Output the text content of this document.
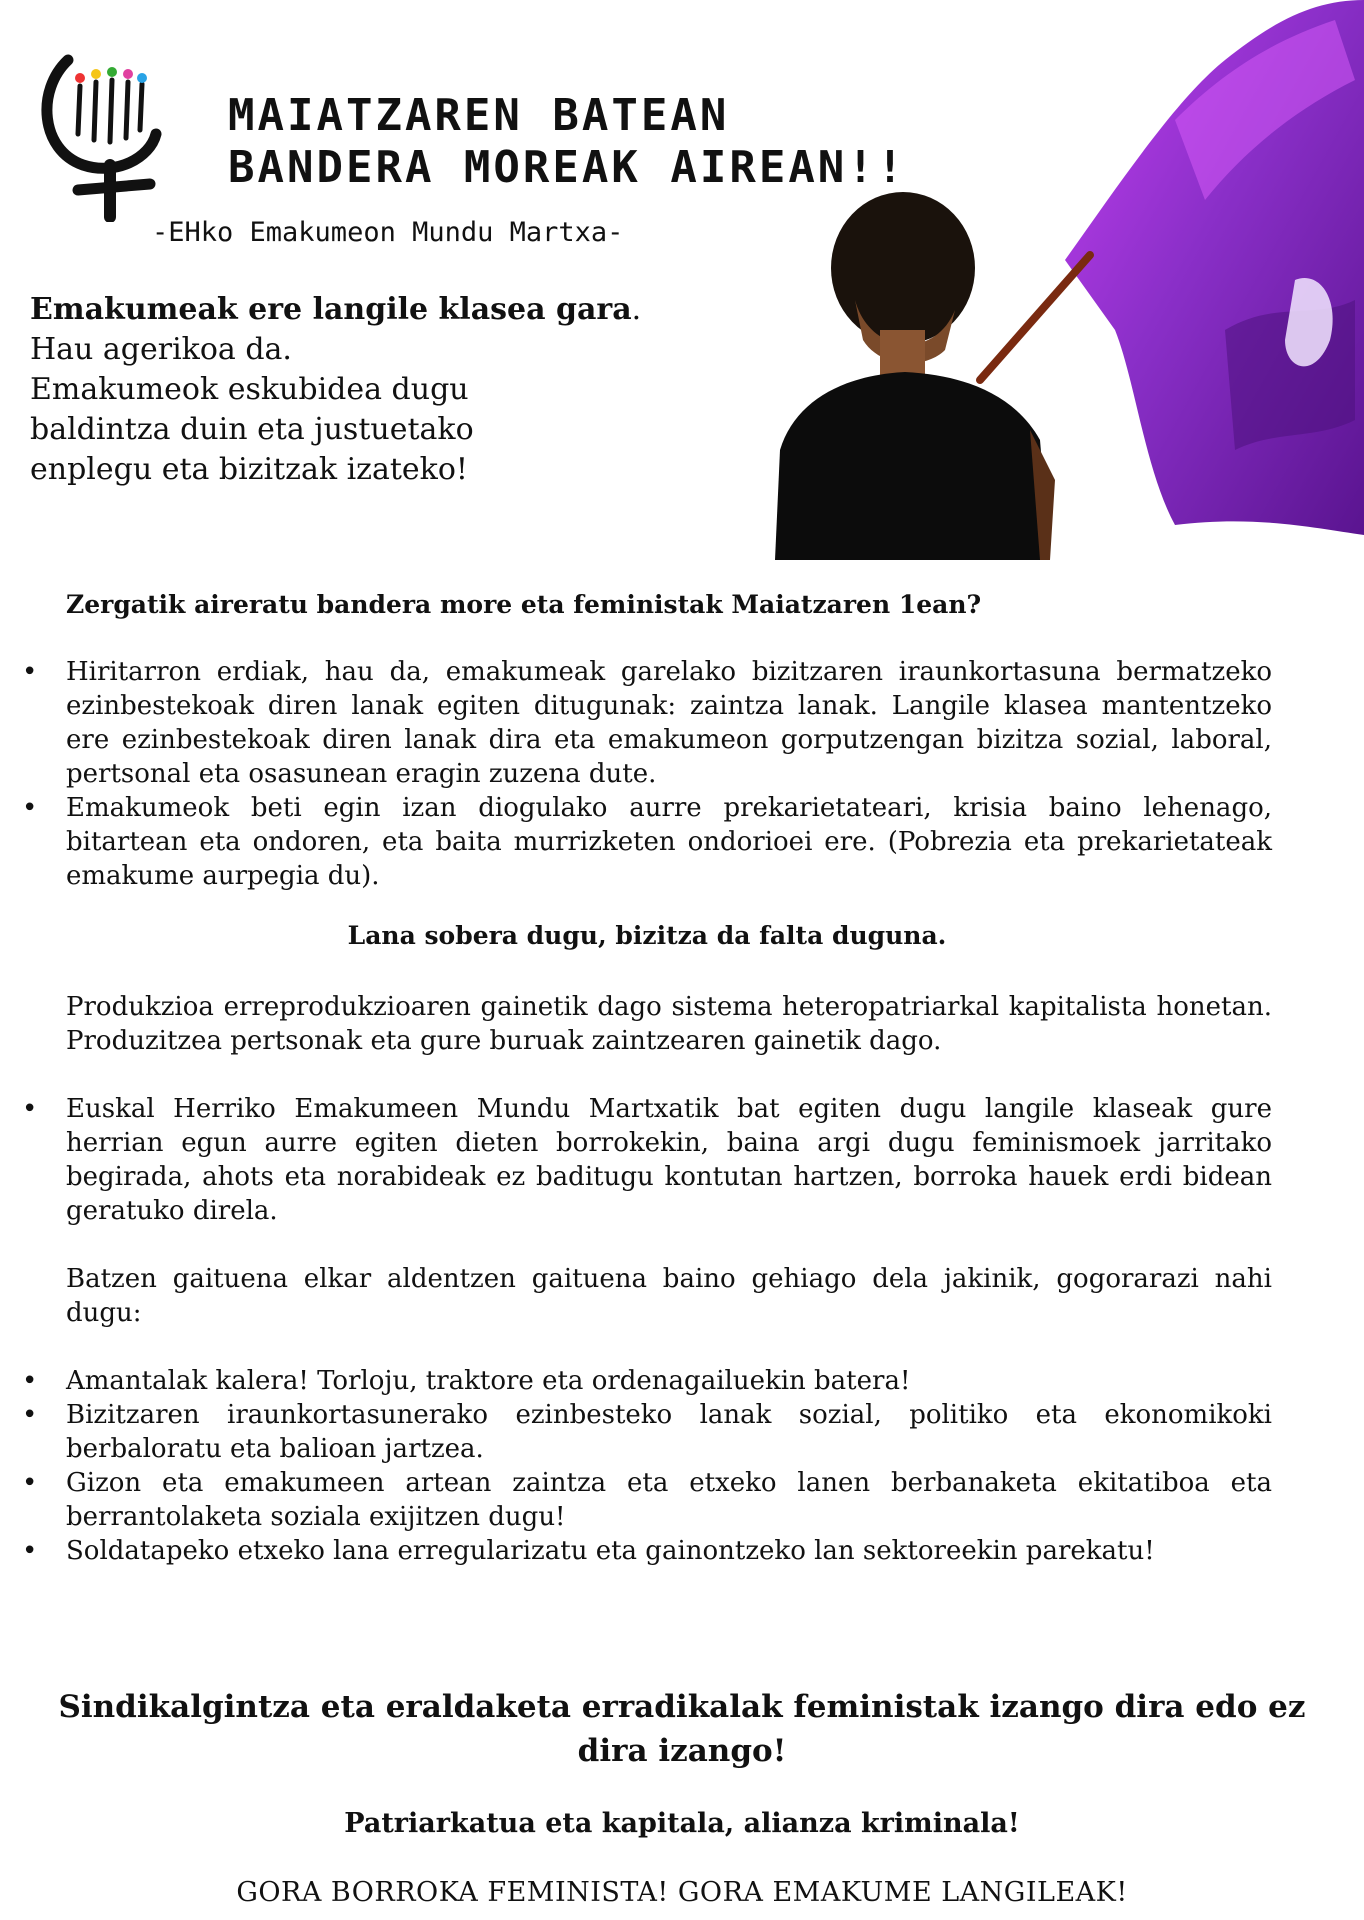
MAIATZAREN BATEAN
BANDERA MOREAK AIREAN!!
-EHko Emakumeon Mundu Martxa-
Emakumeak ere langile klasea gara.
Hau agerikoa da.
Emakumeok eskubidea dugu
baldintza duin eta justuetako
enplegu eta bizitzak izateko!
Zergatik aireratu bandera more eta feministak Maiatzaren 1ean?
• Hiritarron erdiak, hau da, emakumeak garelako bizitzaren iraunkortasuna bermatzeko ezinbestekoak diren lanak egiten ditugunak: zaintza lanak. Langile klasea mantentzeko ere ezinbestekoak diren lanak dira eta emakumeon gorputzengan bizitza sozial, laboral, pertsonal eta osasunean eragin zuzena dute.
• Emakumeok beti egin izan diogulako aurre prekarietateari, krisia baino lehenago, bitartean eta ondoren, eta baita murrizketen ondorioei ere. (Pobrezia eta prekarietateak emakume aurpegia du).
Lana sobera dugu, bizitza da falta duguna.

Produkzioa erreprodukzioaren gainetik dago sistema heteropatriarkal kapitalista honetan. Produzitzea pertsonak eta gure buruak zaintzearen gainetik dago.

• Euskal Herriko Emakumeen Mundu Martxatik bat egiten dugu langile klaseak gure herrian egun aurre egiten dieten borrokekin, baina argi dugu feminismoek jarritako begirada, ahots eta norabideak ez baditugu kontutan hartzen, borroka hauek erdi bidean geratuko direla.

Batzen gaituena elkar aldentzen gaituena baino gehiago dela jakinik, gogorarazi nahi dugu:

• Amantalak kalera! Torloju, traktore eta ordenagailuekin batera!
• Bizitzaren iraunkortasunerako ezinbesteko lanak sozial, politiko eta ekonomikoki berbaloratu eta balioan jartzea.
• Gizon eta emakumeen artean zaintza eta etxeko lanen berbanaketa ekitatiboa eta berrantolaketa soziala exijitzen dugu!
• Soldatapeko etxeko lana erregularizatu eta gainontzeko lan sektoreekin parekatu!
Sindikalgintza eta eraldaketa erradikalak feministak izango dira edo ez dira izango!
Patriarkatua eta kapitala, alianza kriminala!
GORA BORROKA FEMINISTA! GORA EMAKUME LANGILEAK!
